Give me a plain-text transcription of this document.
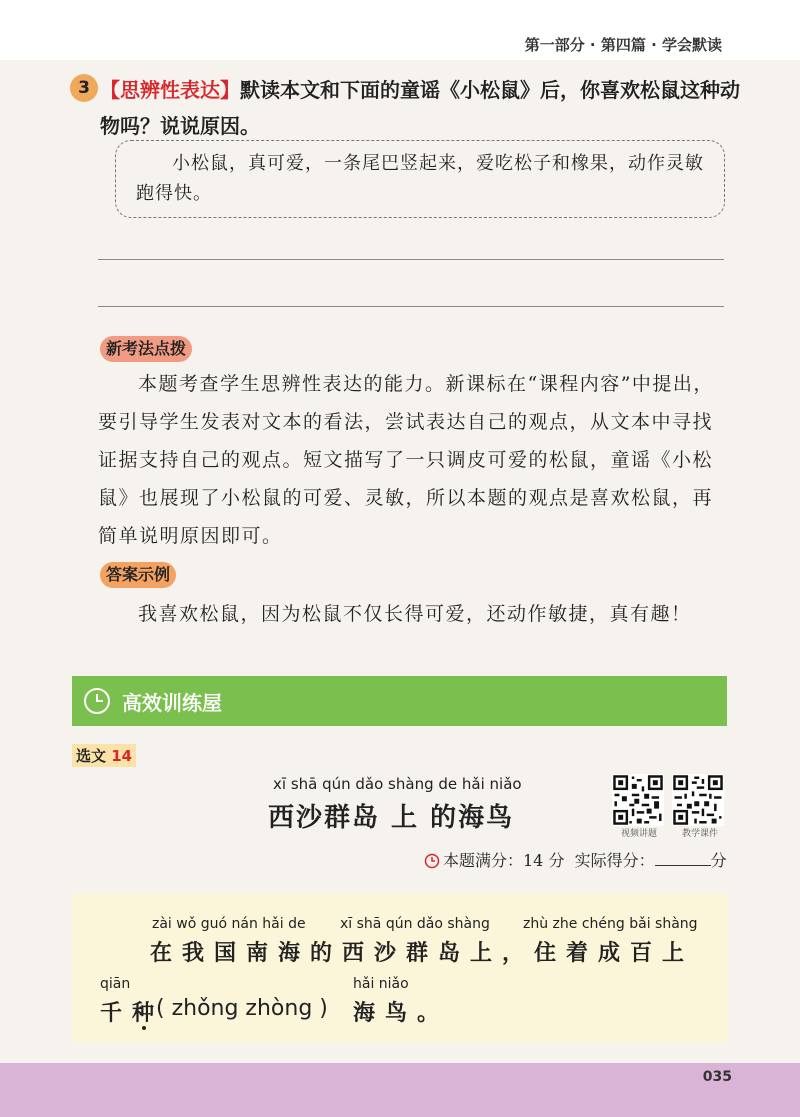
第一部分 · 第四篇 · 学会默读
3 【思辨性表达】默读本文和下面的童谣《小松鼠》后，你喜欢松鼠这种动物吗？说说原因。
小松鼠，真可爱，一条尾巴竖起来，爱吃松子和橡果，动作灵敏跑得快。
新考法点拨
本题考查学生思辨性表达的能力。新课标在“课程内容”中提出，要引导学生发表对文本的看法，尝试表达自己的观点，从文本中寻找证据支持自己的观点。短文描写了一只调皮可爱的松鼠，童谣《小松鼠》也展现了小松鼠的可爱、灵敏，所以本题的观点是喜欢松鼠，再简单说明原因即可。
答案示例
我喜欢松鼠，因为松鼠不仅长得可爱，还动作敏捷，真有趣！
高效训练屋
选文 14
xī shā qún dǎo shàng de hǎi niǎo
西沙群岛 上 的海鸟
视频讲题	教学课件
本题满分：14 分 实际得分：	分
zài wǒ guó nán hǎi de xī shā qún dǎo shàng zhù zhe chéng bǎi shàng
在我国南海的西沙群岛上，住着成百上
qiān	hǎi niǎo
千种
( zhǒng zhòng ) 海鸟。
035
